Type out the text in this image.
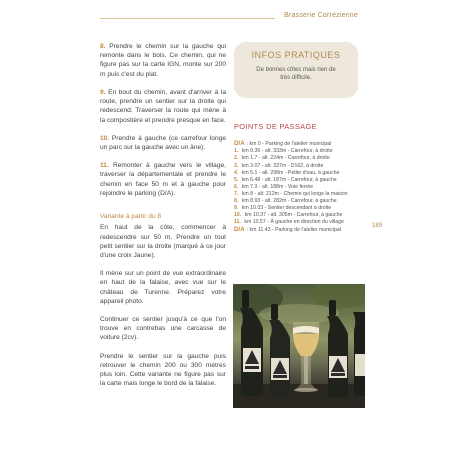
Brasserie Corrézienne

8. Prendre le chemin sur la gauche qui remonte dans le bois. Ce chemin, qui ne figure pas sur la carte IGN, monte sur 200 m puis c'est du plat.

9. En bout du chemin, avant d'arriver à la route, prendre un sentier sur la droite qui redescend. Traverser la route qui mène à la compostière et prendre presque en face.

10. Prendre à gauche (ce carrefour longe un parc sur la gauche avec un âne).

11. Remonter à gauche vers le village, traverser la départementale et prendre le chemin en face 50 m et à gauche pour rejoindre le parking (D/A).

Variante à partir du 8

En haut de la côte, commencer à redescendre sur 50 m. Prendre un tout petit sentier sur la droite (marqué à ce jour d'une croix Jaune).

Il mène sur un point de vue extraordinaire en haut de la falaise, avec vue sur le château de Turenne. Préparez votre appareil photo.

Continuer ce sentier jusqu'à ce que l'on trouve en contrebas une carcasse de voiture (2cv).

Prendre le sentier sur la gauche puis retrouver le chemin 200 ou 300 mètres plus loin. Cette variante ne figure pas sur la carte mais longe le bord de la falaise.

INFOS PRATIQUES
De bonnes côtes mais rien de très difficile.
POINTS DE PASSAGE
D/A : km 0 - Parking de l'atelier municipal
1. km 0.36 - alt. 333m - Carrefour, à droite
2. km 1.7 - alt. 224m - Carrefour, à droite
3. km 3.07 - alt. 337m - D162, à droite
4. km 5.1 - alt. 298m - Petite d'eau, à gauche
5. km 6.48 - alt. 187m - Carrefour, à gauche
6. km 7.3 - alt. 188m - Voie ferrée
7. km 8 - alt. 212m - Chemin qui longe la maison
8. km 8.93 - alt. 282m - Carrefour, à gauche
9. km 10.03 - Sentier descendant à droite
10. km 10.37 - alt. 305m - Carrefour, à gauche
11. km 10.57 - À gauche en direction du village
D/A : km 11.43 - Parking de l'atelier municipal
189
